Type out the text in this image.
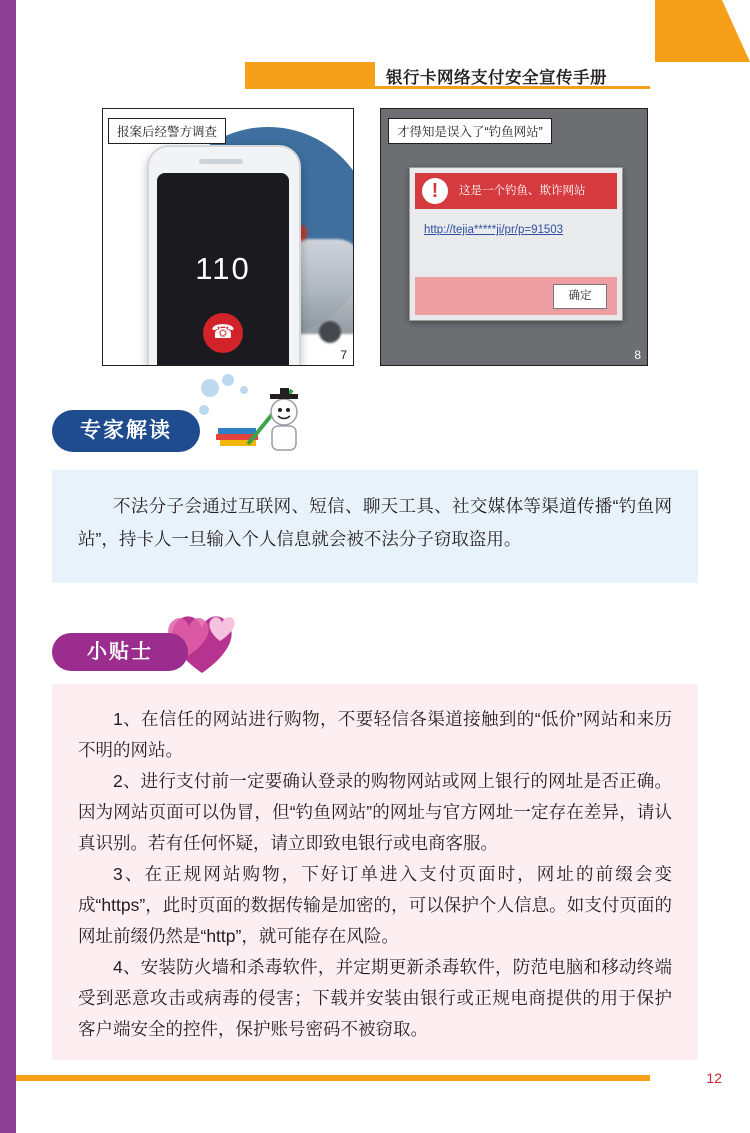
银行卡网络支付安全宣传手册
110
☎
7
报案后经警方调查
这是一个钓鱼、欺诈网站
!
http://tejia*****ji/pr/p=91503
确定
8
才得知是误入了“钓鱼网站”
专家解读
不法分子会通过互联网、短信、聊天工具、社交媒体等渠道传播“钓鱼网站”，持卡人一旦输入个人信息就会被不法分子窃取盗用。
小贴士

1、在信任的网站进行购物，不要轻信各渠道接触到的“低价”网站和来历不明的网站。

2、进行支付前一定要确认登录的购物网站或网上银行的网址是否正确。因为网站页面可以伪冒，但“钓鱼网站”的网址与官方网址一定存在差异，请认真识别。若有任何怀疑，请立即致电银行或电商客服。

3、在正规网站购物，下好订单进入支付页面时，网址的前缀会变成“https”，此时页面的数据传输是加密的，可以保护个人信息。如支付页面的网址前缀仍然是“http”，就可能存在风险。

4、安装防火墙和杀毒软件，并定期更新杀毒软件，防范电脑和移动终端受到恶意攻击或病毒的侵害；下载并安装由银行或正规电商提供的用于保护客户端安全的控件，保护账号密码不被窃取。

12
